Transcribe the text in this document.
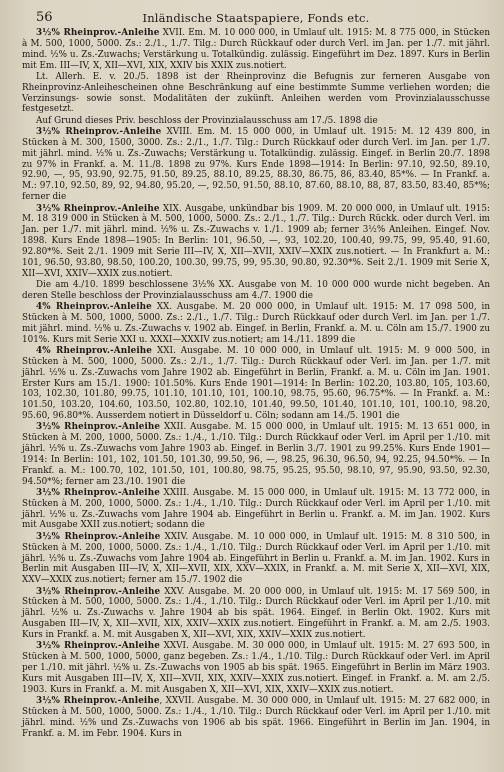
56	Inländische Staatspapiere, Fonds etc.

3½% Rheinprov.-Anleihe XVII. Em. M. 10 000 000, in Umlauf ult. 1915: M. 8 775 000, in Stücken à M. 500, 1000, 5000. Zs.: 2./1., 1./7. Tilg.: Durch Rückkauf oder durch Verl. im Jan. per 1./7. mit jährl. mind. ½% u. Zs.-Zuwachs; Verstärkung u. Totalkündig. zulässig. Eingeführt im Dez. 1897. Kurs in Berlin mit Em. III—IV, X, XII—XVI, XIX, XXIV bis XXIX zus.notiert.

Lt. Allerh. E. v. 20./5. 1898 ist der Rheinprovinz die Befugnis zur ferneren Ausgabe von Rheinprovinz-Anleihescheinen ohne Beschränkung auf eine bestimmte Summe verliehen worden; die Verzinsungs- sowie sonst. Modalitäten der zukünft. Anleihen werden vom Provinzialausschusse festgesetzt.

Auf Grund dieses Priv. beschloss der Provinzialausschuss am 17./5. 1898 die

3½% Rheinprov.-Anleihe XVIII. Em. M. 15 000 000, in Umlauf ult. 1915: M. 12 439 800, in Stücken à M. 300, 1500, 3000. Zs.: 2./1., 1./7. Tilg.: Durch Rückkauf oder durch Verl. im Jan. per 1./7. mit jährl. mind. ½% u. Zs.-Zuwachs; Verstärkung u. Totalkündig. zulässig. Eingef. in Berlin 20./7. 1898 zu 97% in Frankf. a. M. 11./8. 1898 zu 97%. Kurs Ende 1898—1914: In Berlin: 97.10, 92.50, 89.10, 92.90, —, 95, 93.90, 92.75, 91.50, 89.25, 88.10, 89.25, 88.30, 86.75, 86, 83.40, 85*%. — In Frankf. a. M.: 97.10, 92.50, 89, 92, 94.80, 95.20, —, 92.50, 91.50, 88.10, 87.60, 88.10, 88, 87, 83.50, 83.40, 85*%; ferner die

3½% Rheinprov.-Anleihe XIX. Ausgabe, unkündbar bis 1909. M. 20 000 000, in Umlauf ult. 1915: M. 18 319 000 in Stücken à M. 500, 1000, 5000. Zs.: 2./1., 1./7. Tilg.: Durch Rückk. oder durch Verl. im Jan. per 1./7. mit jährl. mind. ½% u. Zs.-Zuwachs v. 1./1. 1909 ab; ferner 3½% Anleihen. Eingef. Nov. 1898. Kurs Ende 1898—1905: In Berlin: 101, 96.50, —, 93, 102.20, 100.40, 99.75, 99, 95.40, 91.60, 92.80*%. Seit 2./1. 1909 mit Serie III—IV, X, XII—XVII, XXIV—XXIX zus.notiert. — In Frankfurt a. M.: 101, 96.50, 93.80, 98.50, 100.20, 100.30, 99.75, 99, 95.30, 90.80, 92.30*%. Seit 2./1. 1909 mit Serie X, XII—XVI, XXIV—XXIX zus.notiert.

Die am 4./10. 1899 beschlossene 3½% XX. Ausgabe von M. 10 000 000 wurde nicht begeben. An deren Stelle beschloss der Provinzialausschuss am 4./7. 1900 die

4% Rheinprov.-Anleihe XX. Ausgabe. M. 20 000 000, in Umlauf ult. 1915: M. 17 098 500, in Stücken à M. 500, 1000, 5000. Zs.: 2./1., 1./7. Tilg.: Durch Rückkauf oder durch Verl. im Jan. per 1./7. mit jährl. mind. ½% u. Zs.-Zuwachs v. 1902 ab. Eingef. in Berlin, Frankf. a. M. u. Cöln am 15./7. 1900 zu 101%. Kurs mit Serie XXI u. XXXI—XXXIV zus.notiert; am 14./11. 1899 die

4% Rheinprov.-Anleihe XXI. Ausgabe. M. 10 000 000, in Umlauf ult. 1915: M. 9 000 500, in Stücken à M. 500, 1000, 5000. Zs.: 2./1., 1./7. Tilg.: Durch Rückkauf oder Verl. im Jan. per 1./7. mit jährl. ½% u. Zs.-Zuwachs vom Jahre 1902 ab. Eingeführt in Berlin, Frankf. a. M. u. Cöln im Jan. 1901. Erster Kurs am 15./1. 1900: 101.50%. Kurs Ende 1901—1914: In Berlin: 102.20, 103.80, 105, 103.60, 103, 102.30, 101.80, 99.75, 101.10, 101.10, 101, 100.10, 98.75, 95.60, 96.75*%. — In Frankf. a. M.: 101.50, 103.20, 104.60, 103.50, 102.80, 102.10, 101.40, 99.50, 101.40, 101.10, 101, 100.10, 98.20, 95.60, 96.80*%. Ausserdem notiert in Düsseldorf u. Cöln; sodann am 14./5. 1901 die

3½% Rheinprov.-Anleihe XXII. Ausgabe. M. 15 000 000, in Umlauf ult. 1915: M. 13 651 000, in Stücken à M. 200, 1000, 5000. Zs.: 1./4., 1./10. Tilg.: Durch Rückkauf oder Verl. im April per 1./10. mit jährl. ½% u. Zs.-Zuwachs vom Jahre 1903 ab. Eingef. in Berlin 3./7. 1901 zu 99.25%. Kurs Ende 1901—1914: In Berlin: 101, 102, 101.50, 101.30, 99.50, 96, —, 98.25, 96.30, 96.50, 94, 92.25, 94.50*%. — In Frankf. a. M.: 100.70, 102, 101.50, 101, 100.80, 98.75, 95.25, 95.50, 98.10, 97, 95.90, 93.50, 92.30, 94.50*%; ferner am 23./10. 1901 die

3½% Rheinprov.-Anleihe XXIII. Ausgabe. M. 15 000 000, in Umlauf ult. 1915: M. 13 772 000, in Stücken à M. 200, 1000, 5000. Zs.: 1./4., 1./10. Tilg.: Durch Rückkauf oder Verl. im April per 1./10. mit jährl. ½% u. Zs.-Zuwachs vom Jahre 1904 ab. Eingeführt in Berlin u. Frankf. a. M. im Jan. 1902. Kurs mit Ausgabe XXII zus.notiert; sodann die

3½% Rheinprov.-Anleihe XXIV. Ausgabe. M. 10 000 000, in Umlauf ult. 1915: M. 8 310 500, in Stücken à M. 200, 1000, 5000. Zs.: 1./4., 1./10. Tilg.: Durch Rückkauf oder Verl. im April per 1./10. mit jährl. ½% u. Zs.-Zuwachs vom Jahre 1904 ab. Eingeführt in Berlin u. Frankf. a. M. im Jan. 1902. Kurs in Berlin mit Ausgaben III—IV, X, XII—XVII, XIX, XXV—XXIX, in Frankf. a. M. mit Serie X, XII—XVI, XIX, XXV—XXIX zus.notiert; ferner am 15./7. 1902 die

3½% Rheinprov.-Anleihe XXV. Ausgabe. M. 20 000 000, in Umlauf ult. 1915: M. 17 569 500, in Stücken à M. 500, 1000, 5000. Zs.: 1./4., 1./10. Tilg.: Durch Rückkauf oder Verl. im April per 1./10. mit jährl. ½% u. Zs.-Zuwachs v. Jahre 1904 ab bis spät. 1964. Eingef. in Berlin Okt. 1902. Kurs mit Ausgaben III—IV, X, XII—XVII, XIX, XXIV—XXIX zus.notiert. Eingeführt in Frankf. a. M. am 2./5. 1903. Kurs in Frankf. a. M. mit Ausgaben X, XII—XVI, XIX, XXIV—XXIX zus.notiert.

3½% Rheinprov.-Anleihe XXVI. Ausgabe. M. 30 000 000, in Umlauf ult. 1915: M. 27 693 500, in Stücken à M. 500, 1000, 5000, ganz begeben. Zs.: 1./4., 1./10. Tilg.: Durch Rückkauf oder Verl. im April per 1./10. mit jährl. ½% u. Zs.-Zuwachs von 1905 ab bis spät. 1965. Eingeführt in Berlin im März 1903. Kurs mit Ausgaben III—IV, X, XII—XVII, XIX, XXIV—XXIX zus.notiert. Eingef. in Frankf. a. M. am 2./5. 1903. Kurs in Frankf. a. M. mit Ausgaben X, XII—XVI, XIX, XXIV—XXIX zus.notiert.

3½% Rheinprov.-Anleihe, XXVII. Ausgabe. M. 30 000 000, in Umlauf ult. 1915: M. 27 682 000, in Stücken à M. 500, 1000, 5000. Zs.: 1./4., 1./10. Tilg.: Durch Rückkauf oder Verl. im April per 1./10. mit jährl. mind. ½% und Zs.-Zuwachs von 1906 ab bis spät. 1966. Eingeführt in Berlin im Jan. 1904, in Frankf. a. M. im Febr. 1904. Kurs in
